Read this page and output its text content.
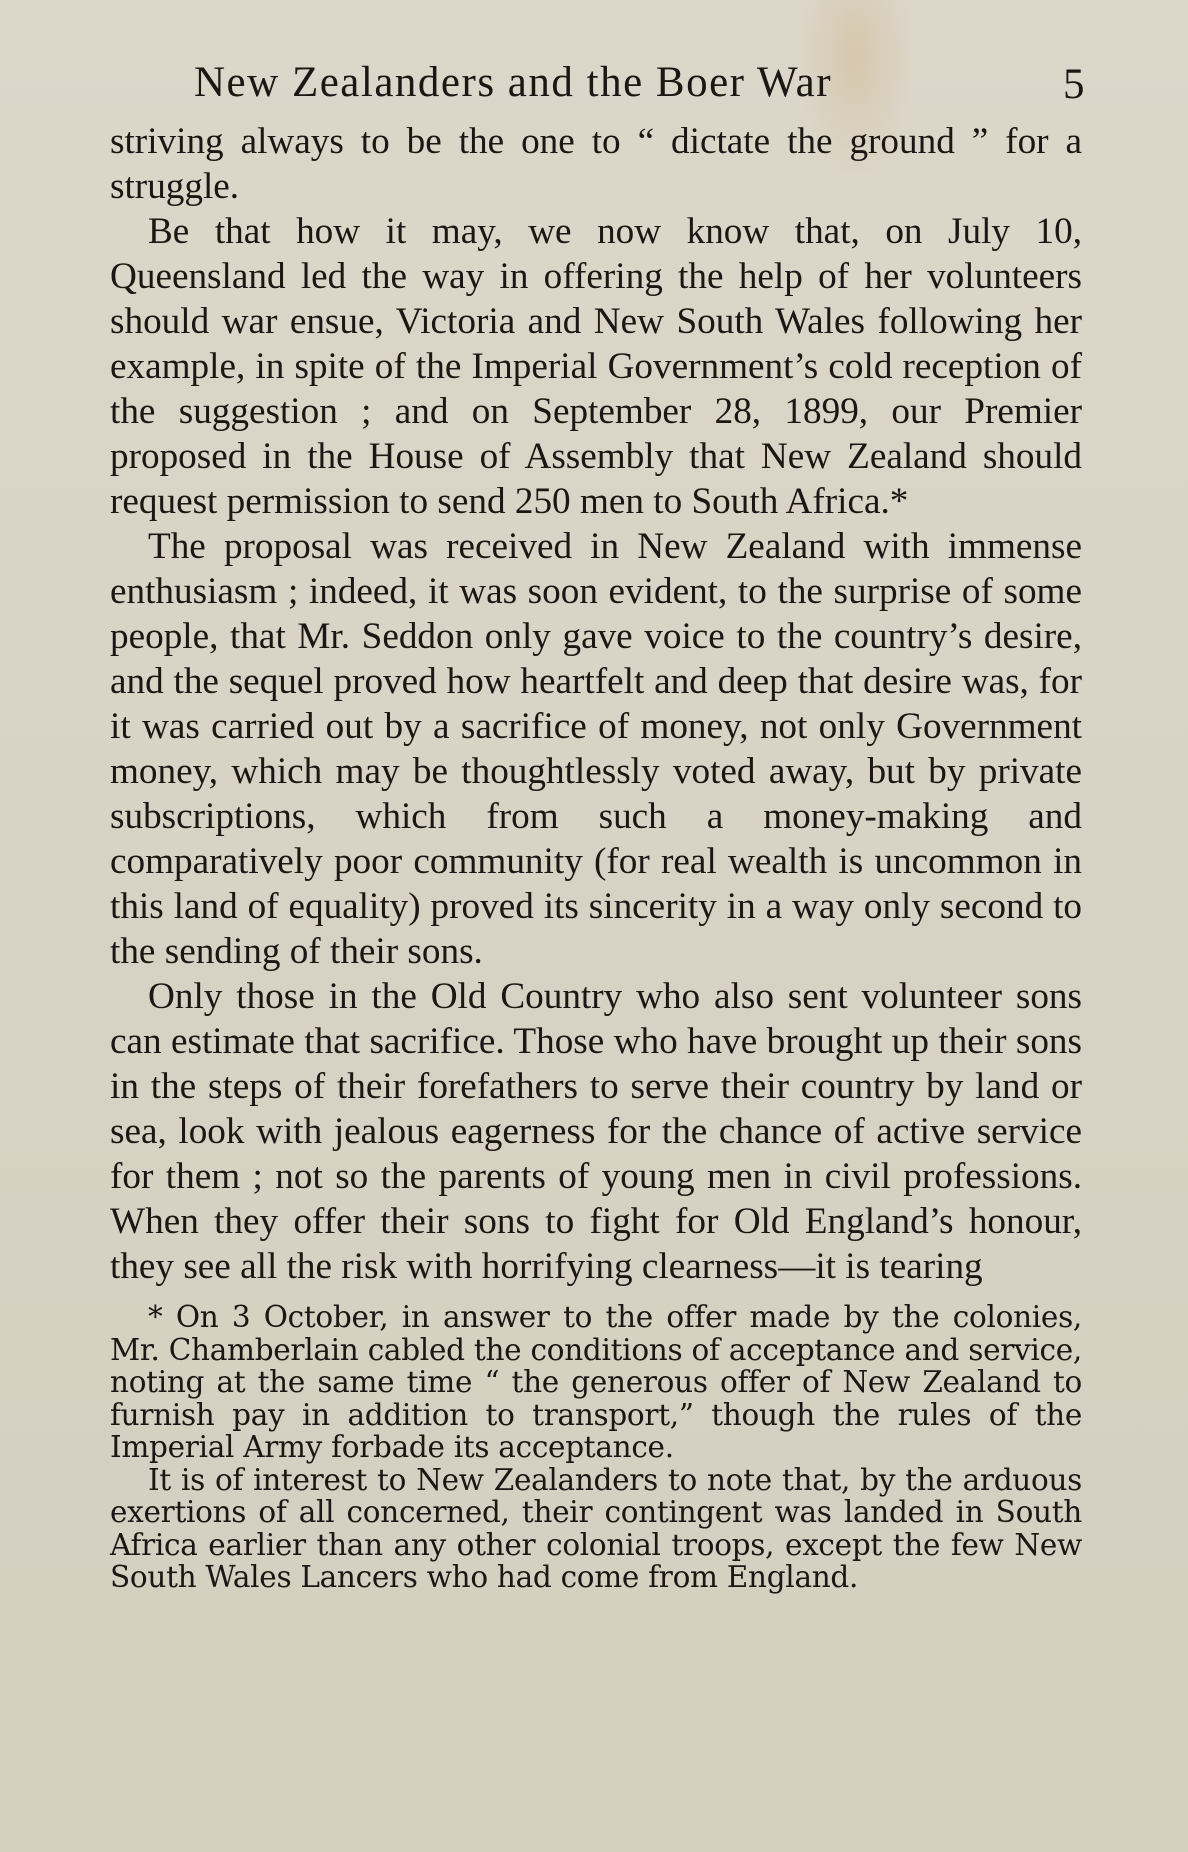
New Zealanders and the Boer War	5

striving always to be the one to “ dictate the ground ” for a struggle.

Be that how it may, we now know that, on July 10, Queensland led the way in offering the help of her volunteers should war ensue, Victoria and New South Wales following her example, in spite of the Imperial Government’s cold reception of the suggestion ; and on September 28, 1899, our Premier proposed in the House of Assembly that New Zealand should request permission to send 250 men to South Africa.*

The proposal was received in New Zealand with immense enthusiasm ; indeed, it was soon evident, to the surprise of some people, that Mr. Seddon only gave voice to the country’s desire, and the sequel proved how heartfelt and deep that desire was, for it was carried out by a sacrifice of money, not only Government money, which may be thoughtlessly voted away, but by private subscriptions, which from such a money-making and comparatively poor community (for real wealth is uncommon in this land of equality) proved its sincerity in a way only second to the sending of their sons.

Only those in the Old Country who also sent volunteer sons can estimate that sacrifice. Those who have brought up their sons in the steps of their forefathers to serve their country by land or sea, look with jealous eagerness for the chance of active service for them ; not so the parents of young men in civil professions. When they offer their sons to fight for Old England’s honour, they see all the risk with horrifying clearness—it is tearing

* On 3 October, in answer to the offer made by the colonies, Mr. Chamberlain cabled the conditions of acceptance and service, noting at the same time “ the generous offer of New Zealand to furnish pay in addition to transport,” though the rules of the Imperial Army forbade its acceptance.

It is of interest to New Zealanders to note that, by the arduous exertions of all concerned, their contingent was landed in South Africa earlier than any other colonial troops, except the few New South Wales Lancers who had come from England.
